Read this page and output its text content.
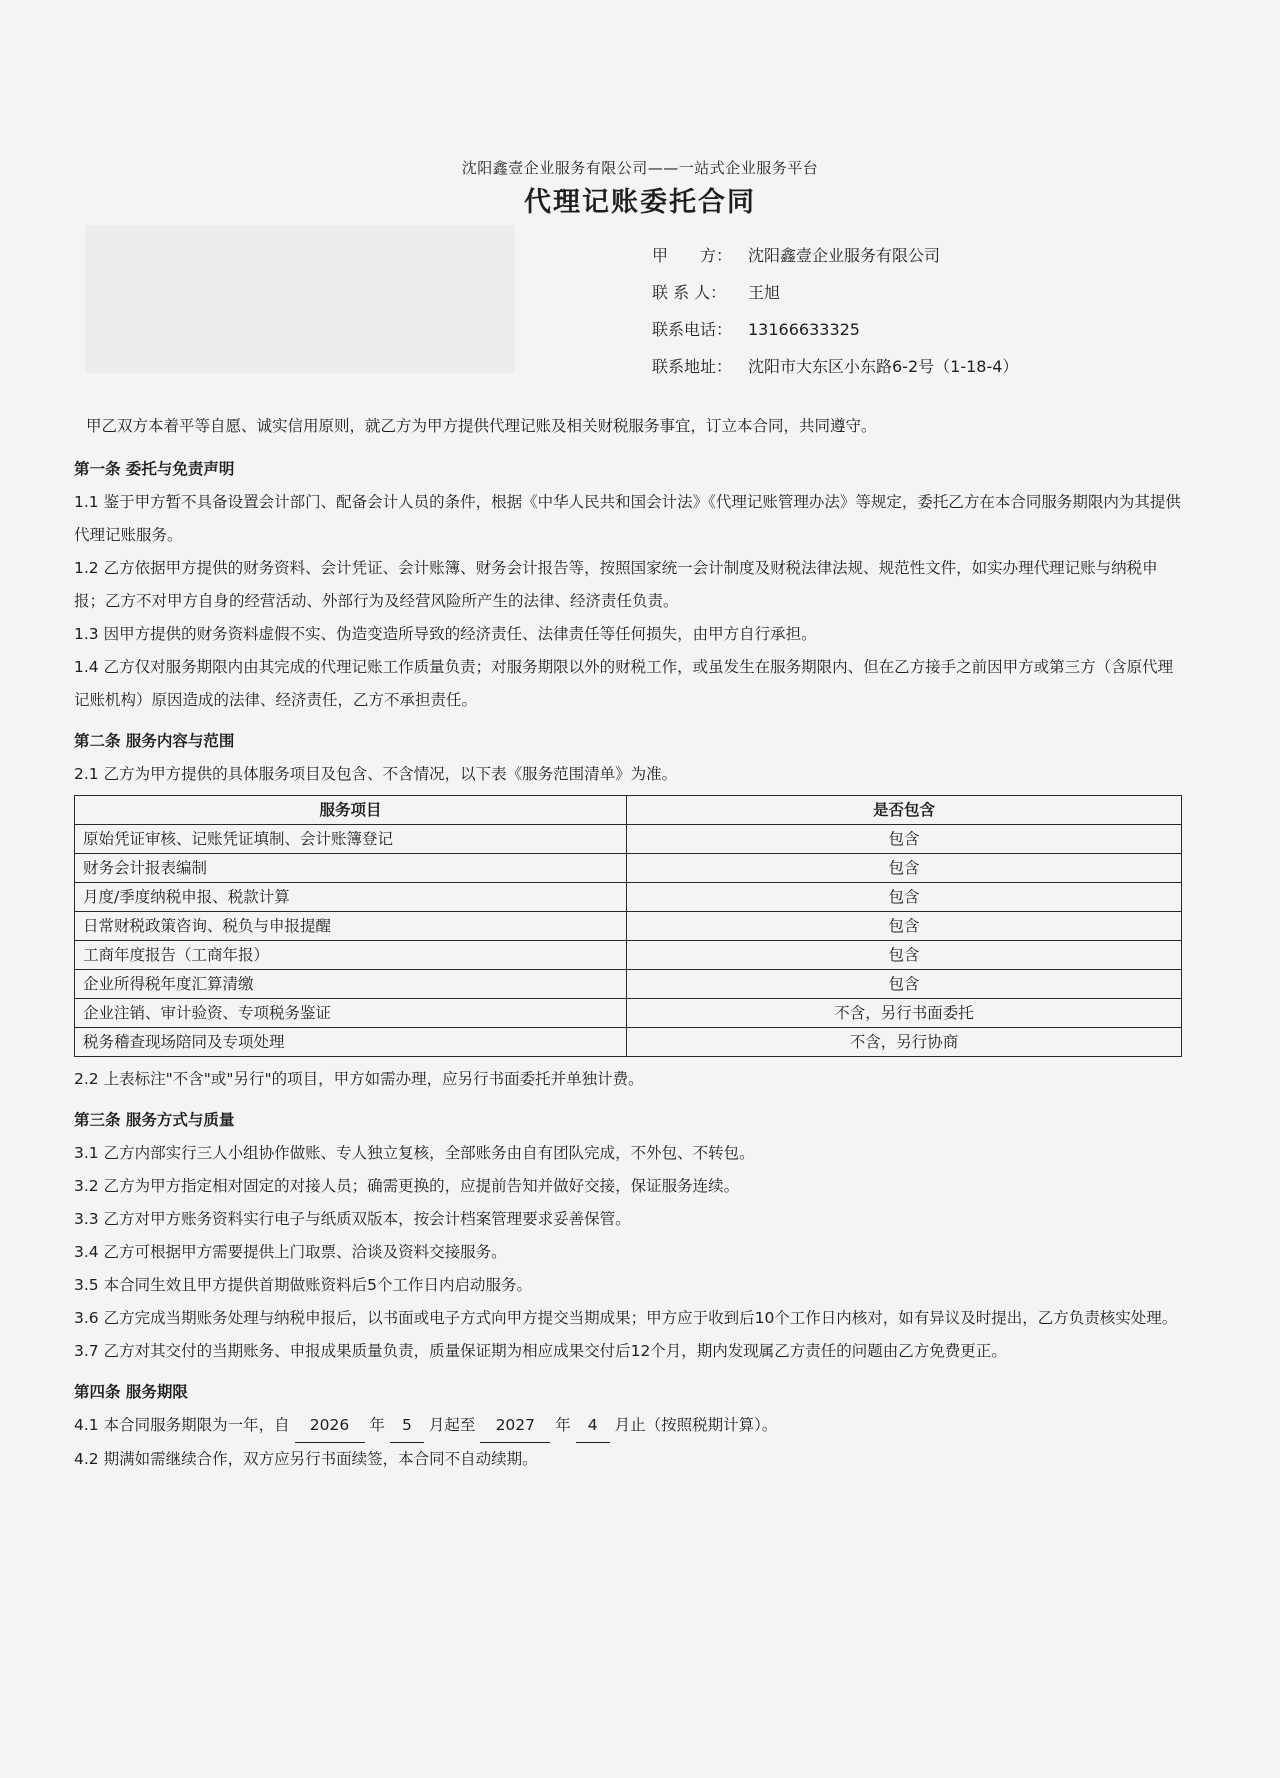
沈阳鑫壹企业服务有限公司——一站式企业服务平台
代理记账委托合同
甲　　方： 沈阳鑫壹企业服务有限公司
联 系 人：	王旭
联系电话： 13166633325
联系地址： 沈阳市大东区小东路6-2号（1-18-4）

甲乙双方本着平等自愿、诚实信用原则，就乙方为甲方提供代理记账及相关财税服务事宜，订立本合同，共同遵守。

第一条 委托与免责声明

1.1 鉴于甲方暂不具备设置会计部门、配备会计人员的条件，根据《中华人民共和国会计法》《代理记账管理办法》等规定，委托乙方在本合同服务期限内为其提供代理记账服务。

1.2 乙方依据甲方提供的财务资料、会计凭证、会计账簿、财务会计报告等，按照国家统一会计制度及财税法律法规、规范性文件，如实办理代理记账与纳税申报；乙方不对甲方自身的经营活动、外部行为及经营风险所产生的法律、经济责任负责。

1.3 因甲方提供的财务资料虚假不实、伪造变造所导致的经济责任、法律责任等任何损失，由甲方自行承担。

1.4 乙方仅对服务期限内由其完成的代理记账工作质量负责；对服务期限以外的财税工作，或虽发生在服务期限内、但在乙方接手之前因甲方或第三方（含原代理记账机构）原因造成的法律、经济责任，乙方不承担责任。

第二条 服务内容与范围

2.1 乙方为甲方提供的具体服务项目及包含、不含情况，以下表《服务范围清单》为准。

服务项目	是否包含
原始凭证审核、记账凭证填制、会计账簿登记	包含
财务会计报表编制	包含
月度/季度纳税申报、税款计算	包含
日常财税政策咨询、税负与申报提醒	包含
工商年度报告（工商年报）	包含
企业所得税年度汇算清缴	包含
企业注销、审计验资、专项税务鉴证	不含，另行书面委托
税务稽查现场陪同及专项处理	不含，另行协商

2.2 上表标注"不含"或"另行"的项目，甲方如需办理，应另行书面委托并单独计费。

第三条 服务方式与质量

3.1 乙方内部实行三人小组协作做账、专人独立复核，全部账务由自有团队完成，不外包、不转包。

3.2 乙方为甲方指定相对固定的对接人员；确需更换的，应提前告知并做好交接，保证服务连续。

3.3 乙方对甲方账务资料实行电子与纸质双版本，按会计档案管理要求妥善保管。

3.4 乙方可根据甲方需要提供上门取票、洽谈及资料交接服务。

3.5 本合同生效且甲方提供首期做账资料后5个工作日内启动服务。

3.6 乙方完成当期账务处理与纳税申报后，以书面或电子方式向甲方提交当期成果；甲方应于收到后10个工作日内核对，如有异议及时提出，乙方负责核实处理。

3.7 乙方对其交付的当期账务、申报成果质量负责，质量保证期为相应成果交付后12个月，期内发现属乙方责任的问题由乙方免费更正。

第四条 服务期限

4.1 本合同服务期限为一年，自 2026 年 5 月起至 2027 年 4 月止（按照税期计算）。

4.2 期满如需继续合作，双方应另行书面续签，本合同不自动续期。
